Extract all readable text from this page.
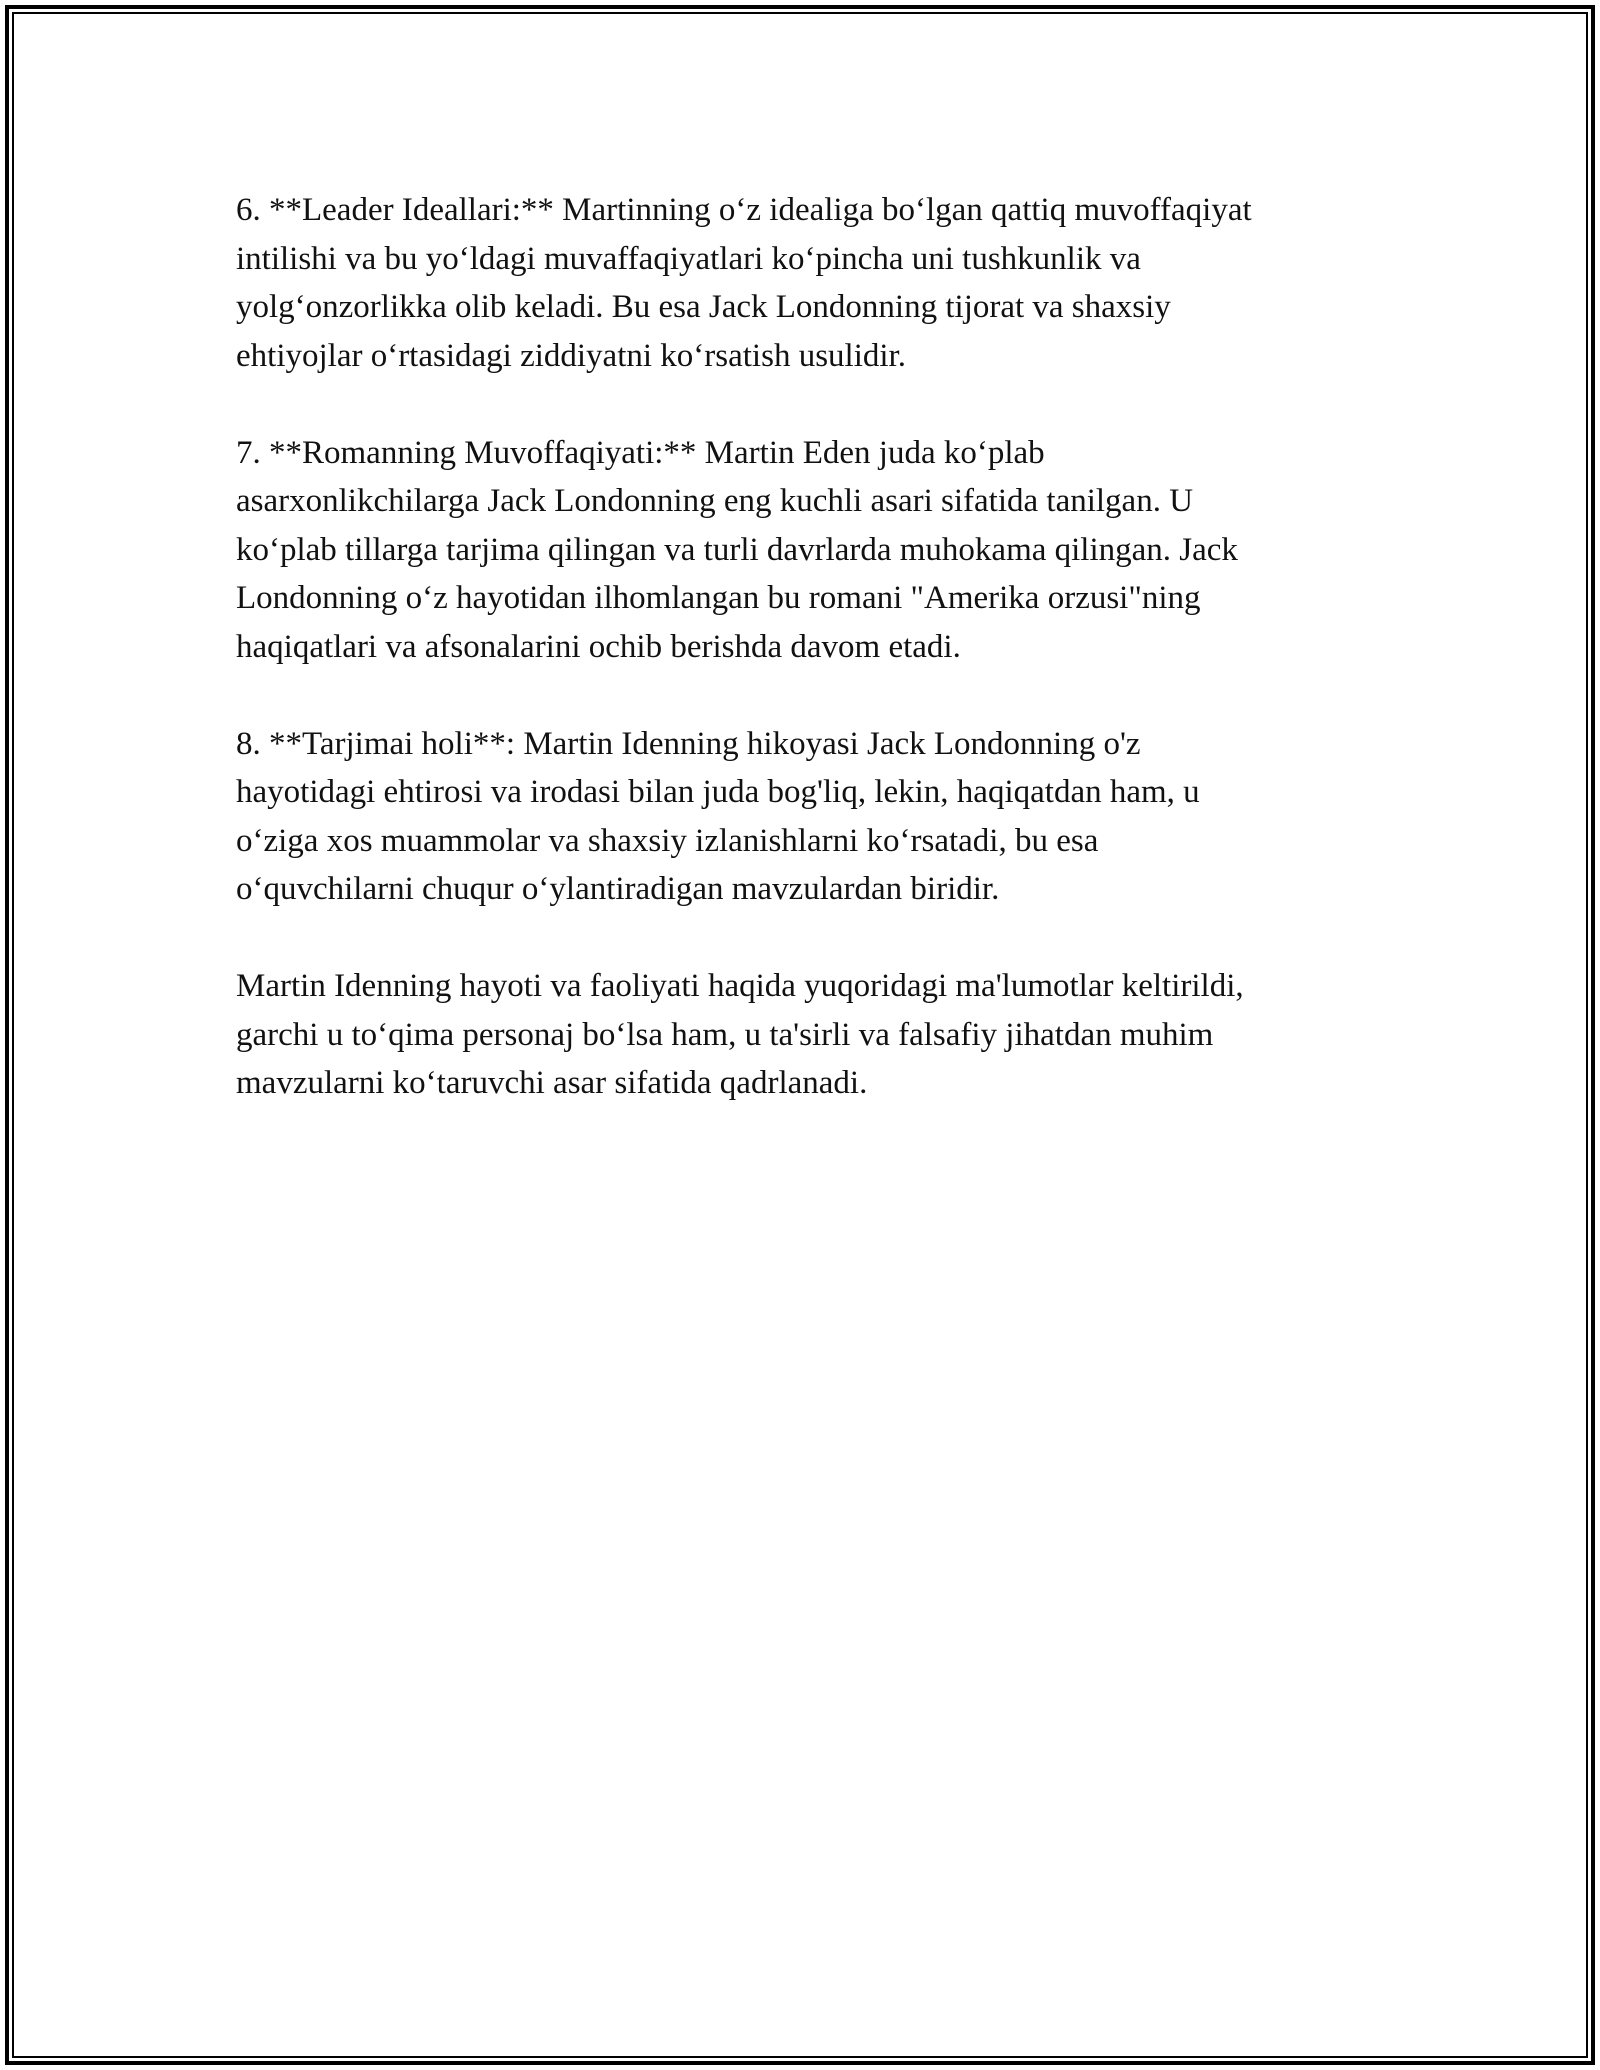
6. **Leader Ideallari:** Martinning o‘z idealiga bo‘lgan qattiq muvoffaqiyat
intilishi va bu yo‘ldagi muvaffaqiyatlari ko‘pincha uni tushkunlik va
yolg‘onzorlikka olib keladi. Bu esa Jack Londonning tijorat va shaxsiy
ehtiyojlar o‘rtasidagi ziddiyatni ko‘rsatish usulidir.

7. **Romanning Muvoffaqiyati:** Martin Eden juda ko‘plab
asarxonlikchilarga Jack Londonning eng kuchli asari sifatida tanilgan. U
ko‘plab tillarga tarjima qilingan va turli davrlarda muhokama qilingan. Jack
Londonning o‘z hayotidan ilhomlangan bu romani "Amerika orzusi"ning
haqiqatlari va afsonalarini ochib berishda davom etadi.

8. **Tarjimai holi**: Martin Idenning hikoyasi Jack Londonning o'z
hayotidagi ehtirosi va irodasi bilan juda bog'liq, lekin, haqiqatdan ham, u
o‘ziga xos muammolar va shaxsiy izlanishlarni ko‘rsatadi, bu esa
o‘quvchilarni chuqur o‘ylantiradigan mavzulardan biridir.

Martin Idenning hayoti va faoliyati haqida yuqoridagi ma'lumotlar keltirildi,
garchi u to‘qima personaj bo‘lsa ham, u ta'sirli va falsafiy jihatdan muhim
mavzularni ko‘taruvchi asar sifatida qadrlanadi.
